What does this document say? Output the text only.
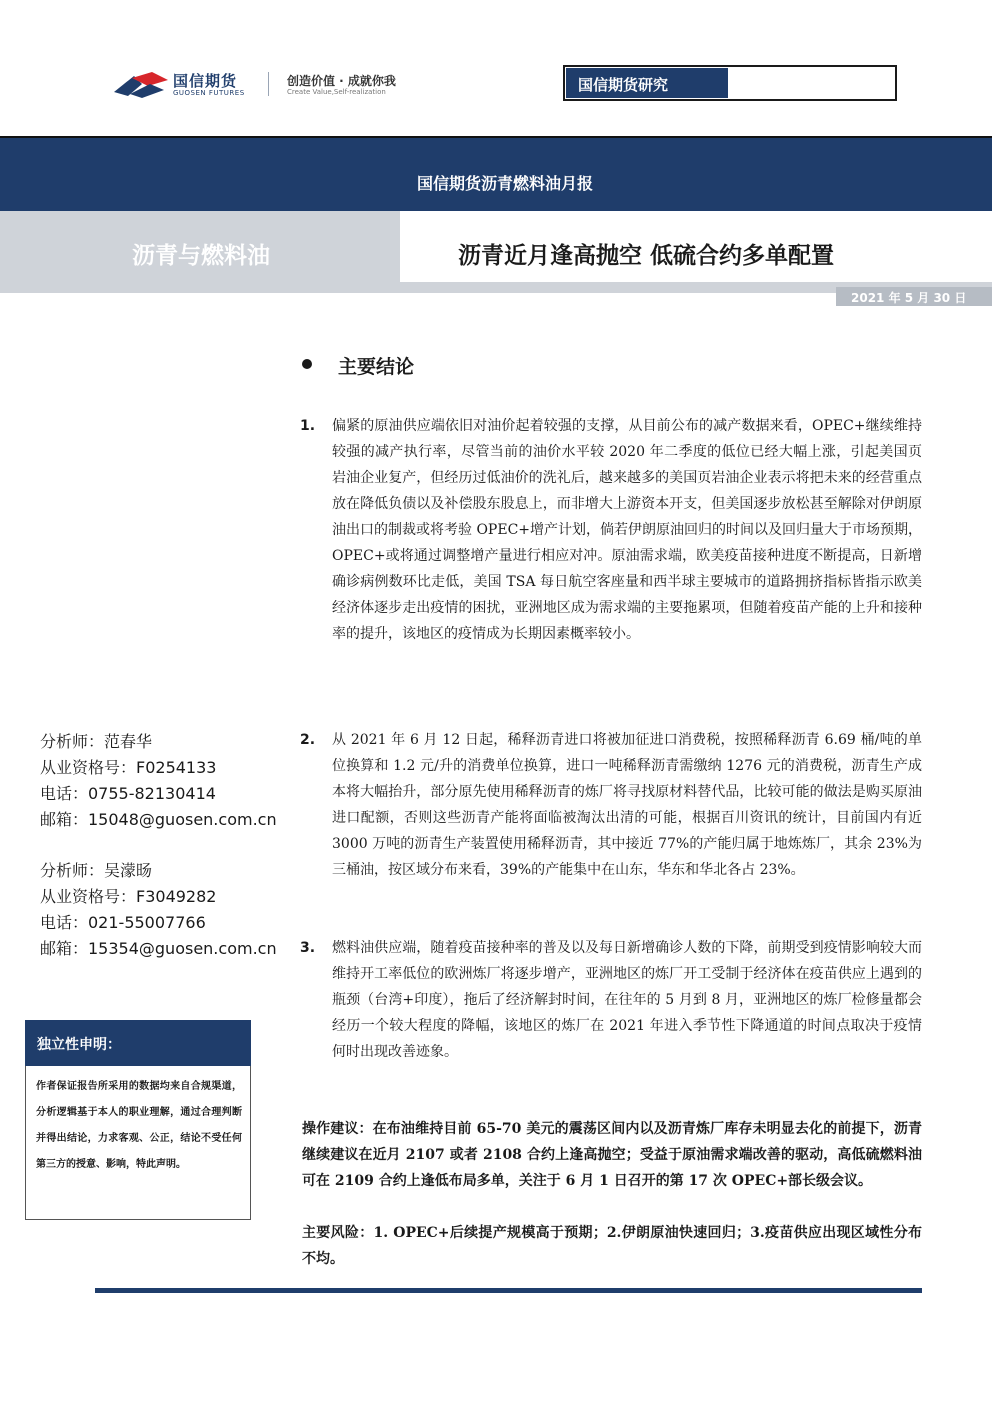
国信期货
GUOSEN FUTURES
创造价值 · 成就你我
Create Value,Self-realization	国信期货研究
国信期货沥青燃料油月报
沥青与燃料油	沥青近月逢高抛空 低硫合约多单配置
2021 年 5 月 30 日
主要结论
1. 偏紧的原油供应端依旧对油价起着较强的支撑，从目前公布的减产数据来看，OPEC+继续维持较强的减产执行率，尽管当前的油价水平较 2020 年二季度的低位已经大幅上涨，引起美国页岩油企业复产，但经历过低油价的洗礼后，越来越多的美国页岩油企业表示将把未来的经营重点放在降低负债以及补偿股东股息上，而非增大上游资本开支，但美国逐步放松甚至解除对伊朗原油出口的制裁或将考验 OPEC+增产计划，倘若伊朗原油回归的时间以及回归量大于市场预期，OPEC+或将通过调整增产量进行相应对冲。原油需求端，欧美疫苗接种进度不断提高，日新增确诊病例数环比走低，美国 TSA 每日航空客座量和西半球主要城市的道路拥挤指标皆指示欧美经济体逐步走出疫情的困扰，亚洲地区成为需求端的主要拖累项，但随着疫苗产能的上升和接种率的提升，该地区的疫情成为长期因素概率较小。
2. 从 2021 年 6 月 12 日起，稀释沥青进口将被加征进口消费税，按照稀释沥青 6.69 桶/吨的单位换算和 1.2 元/升的消费单位换算，进口一吨稀释沥青需缴纳 1276 元的消费税，沥青生产成本将大幅抬升，部分原先使用稀释沥青的炼厂将寻找原材料替代品，比较可能的做法是购买原油进口配额，否则这些沥青产能将面临被淘汰出清的可能，根据百川资讯的统计，目前国内有近 3000 万吨的沥青生产装置使用稀释沥青，其中接近 77%的产能归属于地炼炼厂，其余 23%为三桶油，按区域分布来看，39%的产能集中在山东，华东和华北各占 23%。
3. 燃料油供应端，随着疫苗接种率的普及以及每日新增确诊人数的下降，前期受到疫情影响较大而维持开工率低位的欧洲炼厂将逐步增产，亚洲地区的炼厂开工受制于经济体在疫苗供应上遇到的瓶颈（台湾+印度），拖后了经济解封时间，在往年的 5 月到 8 月，亚洲地区的炼厂检修量都会经历一个较大程度的降幅，该地区的炼厂在 2021 年进入季节性下降通道的时间点取决于疫情何时出现改善迹象。
操作建议：在布油维持目前 65-70 美元的震荡区间内以及沥青炼厂库存未明显去化的前提下，沥青继续建议在近月 2107 或者 2108 合约上逢高抛空；受益于原油需求端改善的驱动，高低硫燃料油可在 2109 合约上逢低布局多单，关注于 6 月 1 日召开的第 17 次 OPEC+部长级会议。
主要风险：1. OPEC+后续提产规模高于预期；2.伊朗原油快速回归；3.疫苗供应出现区域性分布不均。
分析师：范春华
从业资格号：F0254133
电话：0755-82130414
邮箱：15048@guosen.com.cn
分析师：吴濛旸
从业资格号：F3049282
电话：021-55007766
邮箱：15354@guosen.com.cn
独立性申明：
作者保证报告所采用的数据均来自合规渠道，分析逻辑基于本人的职业理解，通过合理判断 并得出结论，力求客观、公正，结论不受任何第三方的授意、影响，特此声明。
